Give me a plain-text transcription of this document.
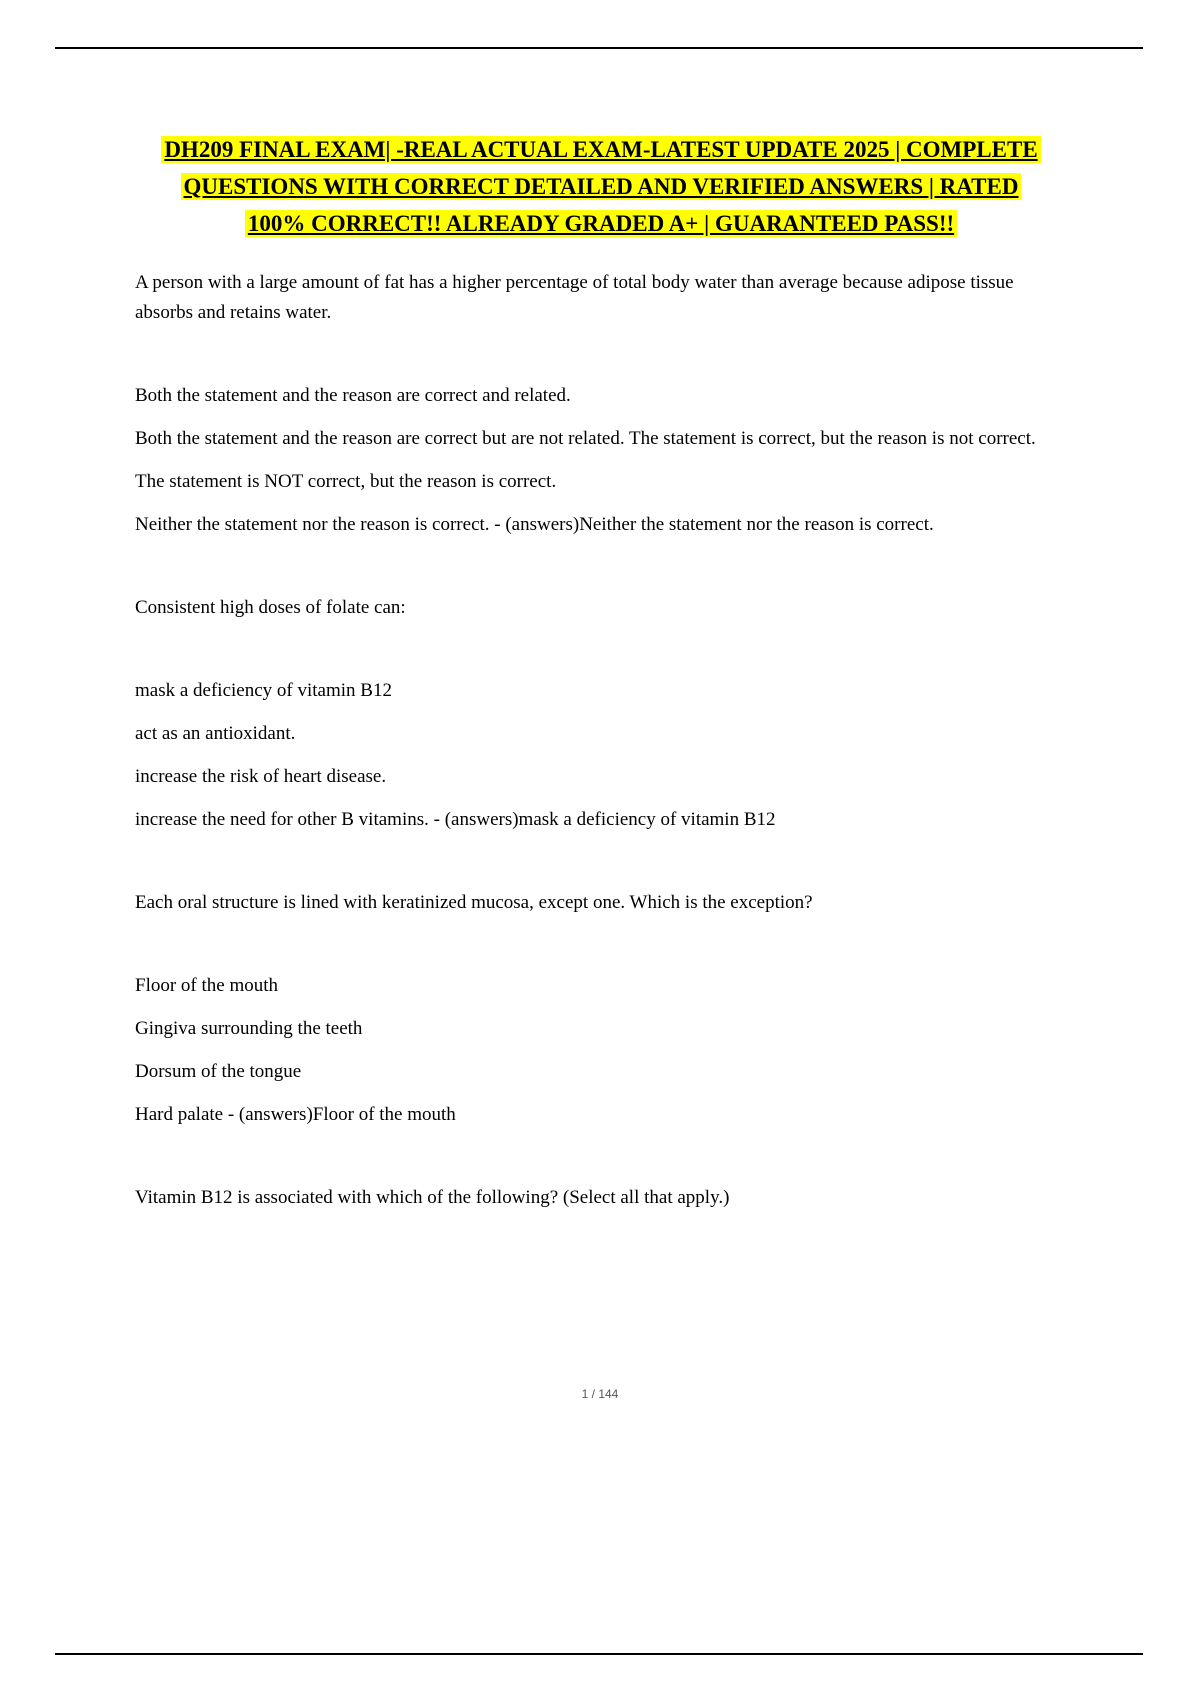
DH209 FINAL EXAM| -REAL ACTUAL EXAM-LATEST UPDATE 2025 | COMPLETE
QUESTIONS WITH CORRECT DETAILED AND VERIFIED ANSWERS | RATED
100% CORRECT!! ALREADY GRADED A+ | GUARANTEED PASS!!

A person with a large amount of fat has a higher percentage of total body water than average because adipose tissue absorbs and retains water.

Both the statement and the reason are correct and related.

Both the statement and the reason are correct but are not related. The statement is correct, but the reason is not correct.

The statement is NOT correct, but the reason is correct.

Neither the statement nor the reason is correct. - (answers)Neither the statement nor the reason is correct.

Consistent high doses of folate can:

mask a deficiency of vitamin B12

act as an antioxidant.

increase the risk of heart disease.

increase the need for other B vitamins. - (answers)mask a deficiency of vitamin B12

Each oral structure is lined with keratinized mucosa, except one. Which is the exception?

Floor of the mouth

Gingiva surrounding the teeth

Dorsum of the tongue

Hard palate - (answers)Floor of the mouth

Vitamin B12 is associated with which of the following? (Select all that apply.)

1 / 144
